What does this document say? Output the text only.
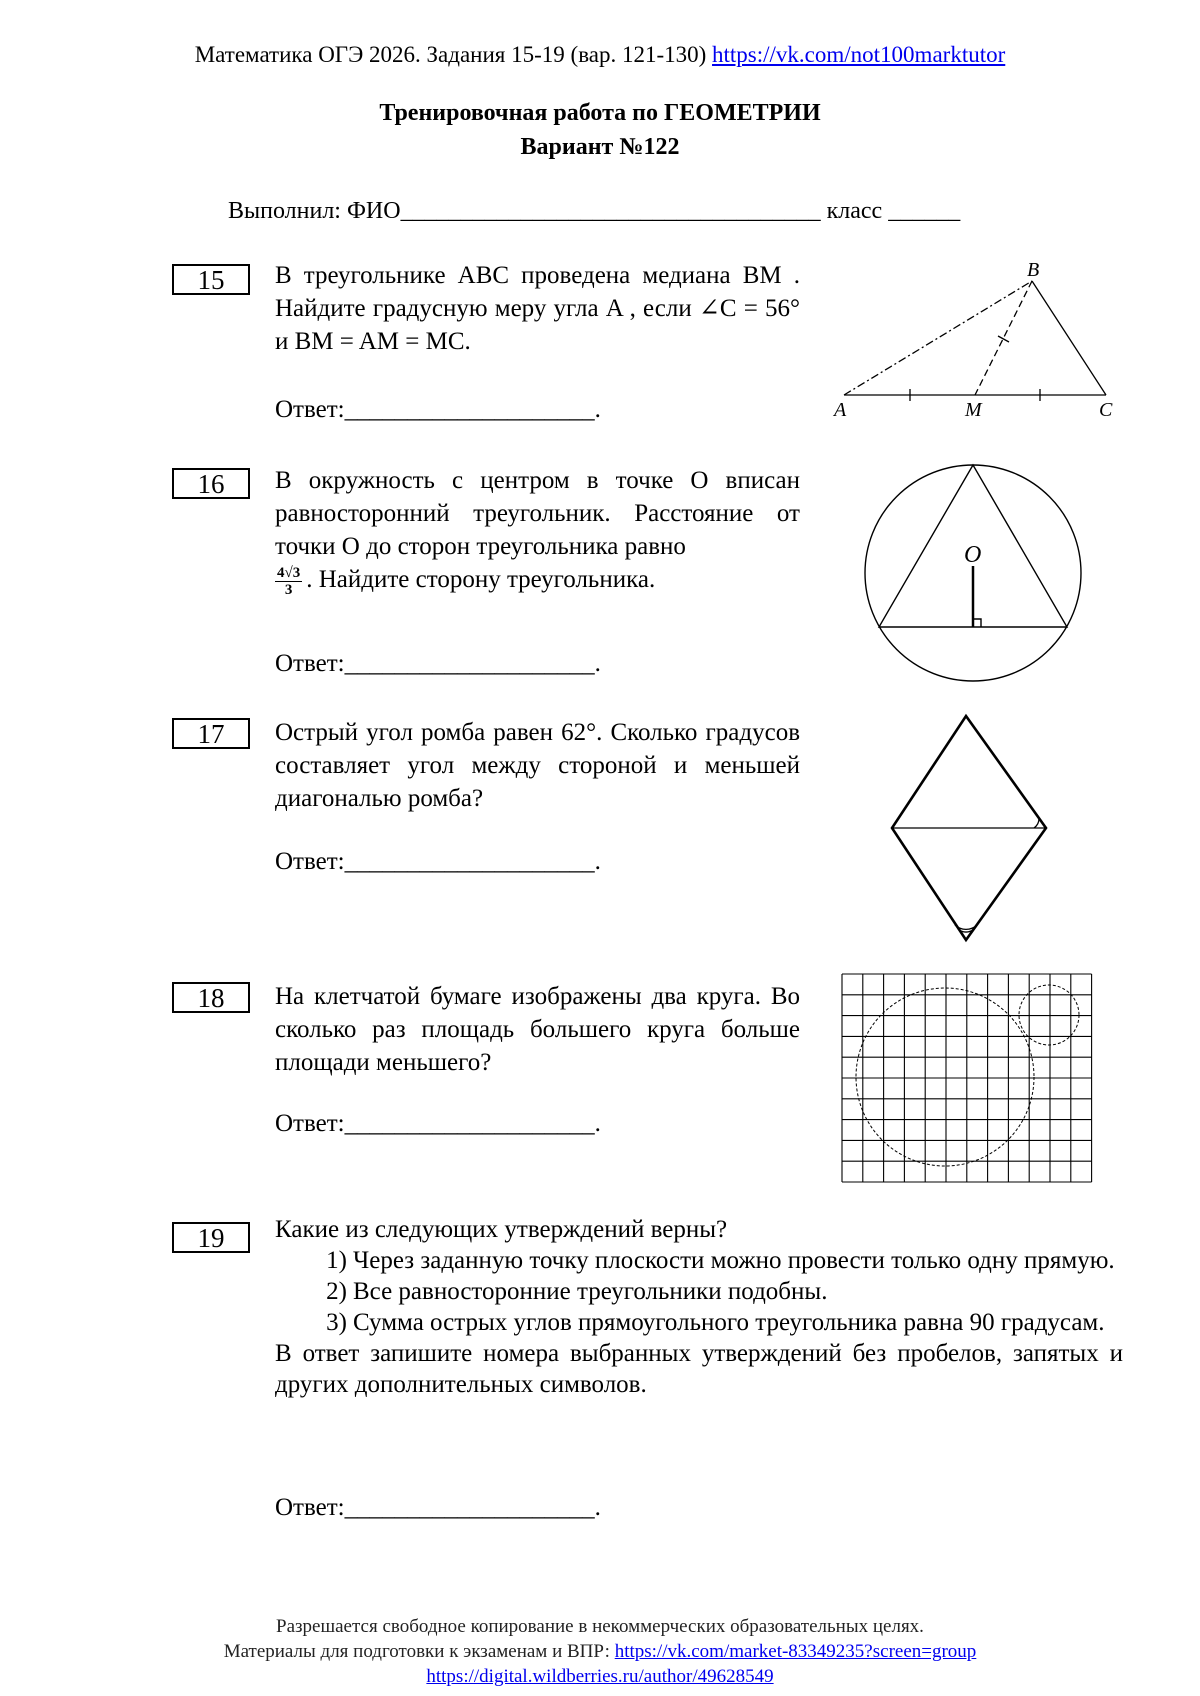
Математика ОГЭ 2026. Задания 15-19 (вар. 121-130) https://vk.com/not100marktutor
Тренировочная работа по ГЕОМЕТРИИ
Вариант №122
Выполнил: ФИО___________________________________ класс ______
15	В треугольнике ABC проведена медиана BM . Найдите градусную меру угла A , если ∠C = 56° и BM = AM = MC.
Ответ:____________________.	A
B
C
M
16	В окружность с центром в точке O вписан равносторонний треугольник. Расстояние от точки O до сторон треугольника равно

$\frac{4√3}{3}$ . Найдите сторону треугольника.
Ответ:____________________.
O
17	Острый угол ромба равен 62°. Сколько градусов составляет угол между стороной и меньшей диагональю ромба?
Ответ:____________________.
18	На клетчатой бумаге изображены два круга. Во сколько раз площадь большего круга больше площади меньшего?
Ответ:____________________.
19	Какие из следующих утверждений верны?
1) Через заданную точку плоскости можно провести только одну прямую.
2) Все равносторонние треугольники подобны.
3) Сумма острых углов прямоугольного треугольника равна 90 градусам.
В ответ запишите номера выбранных утверждений без пробелов, запятых и других дополнительных символов.
Ответ:____________________.
Разрешается свободное копирование в некоммерческих образовательных целях.
Материалы для подготовки к экзаменам и ВПР: https://vk.com/market-83349235?screen=group
https://digital.wildberries.ru/author/49628549
